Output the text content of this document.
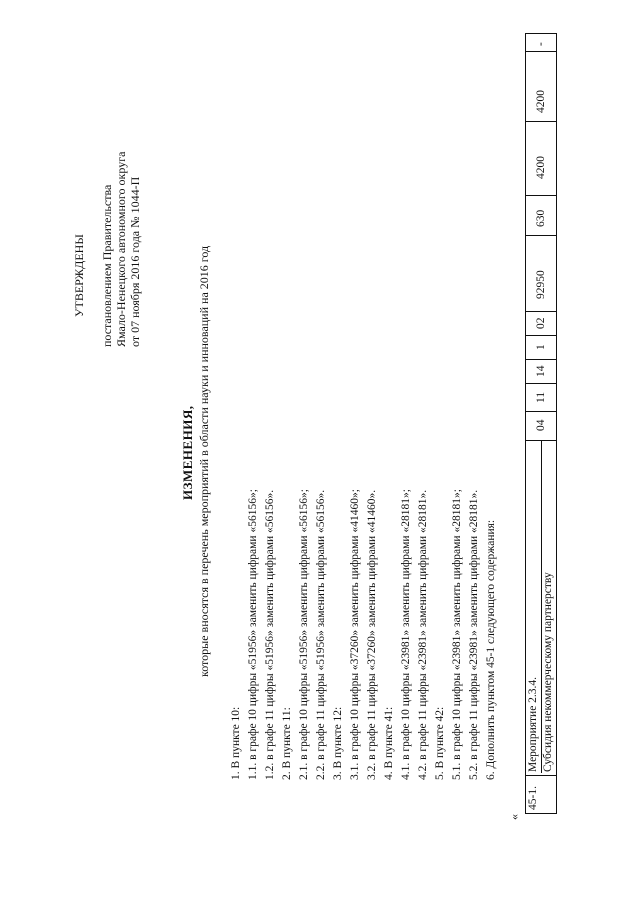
УТВЕРЖДЕНЫ постановлением Правительства Ямало-Ненецкого автономного округа от 07 ноября 2016 года № 1044-П
ИЗМЕНЕНИЯ, которые вносятся в перечень мероприятий в области науки и инноваций на 2016 год
1. В пункте 10: 1.1. в графе 10 цифры «51956» заменить цифрами «56156»; 1.2. в графе 11 цифры «51956» заменить цифрами «56156». 2. В пункте 11: 2.1. в графе 10 цифры «51956» заменить цифрами «56156»; 2.2. в графе 11 цифры «51956» заменить цифрами «56156». 3. В пункте 12: 3.1. в графе 10 цифры «37260» заменить цифрами «41460»; 3.2. в графе 11 цифры «37260» заменить цифрами «41460». 4. В пункте 41: 4.1. в графе 10 цифры «23981» заменить цифрами «28181»; 4.2. в графе 11 цифры «23981» заменить цифрами «28181». 5. В пункте 42: 5.1. в графе 10 цифры «23981» заменить цифрами «28181»; 5.2. в графе 11 цифры «23981» заменить цифрами «28181». 6. Дополнить пунктом 45-1 следующего содержания:
«
45-1.
Мероприятие 2.3.4. Субсидия некоммерческому партнерству
04
11
14
1
02
92950
630
4200
4200
-
